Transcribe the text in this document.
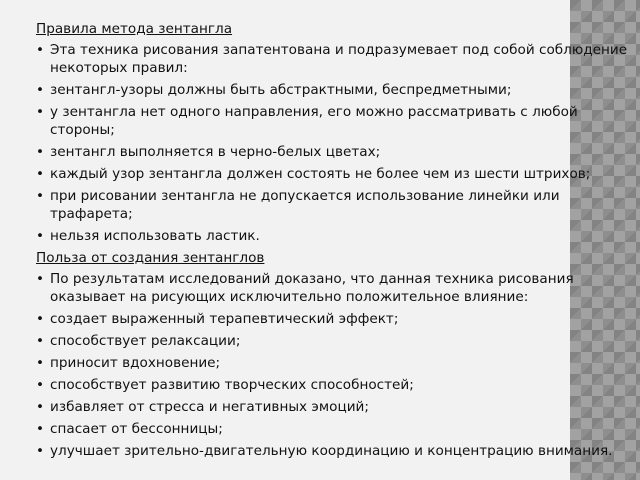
Правила метода зентангла
• Эта техника рисования запатентована и подразумевает под собой соблюдение некоторых правил:
• зентангл-узоры должны быть абстрактными, беспредметными;
• у зентангла нет одного направления, его можно рассматривать с любой стороны;
• зентангл выполняется в черно-белых цветах;
• каждый узор зентангла должен состоять не более чем из шести штрихов;
• при рисовании зентангла не допускается использование линейки или трафарета;
• нельзя использовать ластик.
Польза от создания зентанглов
• По результатам исследований доказано, что данная техника рисования оказывает на рисующих исключительно положительное влияние:
• создает выраженный терапевтический эффект;
• способствует релаксации;
• приносит вдохновение;
• способствует развитию творческих способностей;
• избавляет от стресса и негативных эмоций;
• спасает от бессонницы;
• улучшает зрительно-двигательную координацию и концентрацию внимания.
